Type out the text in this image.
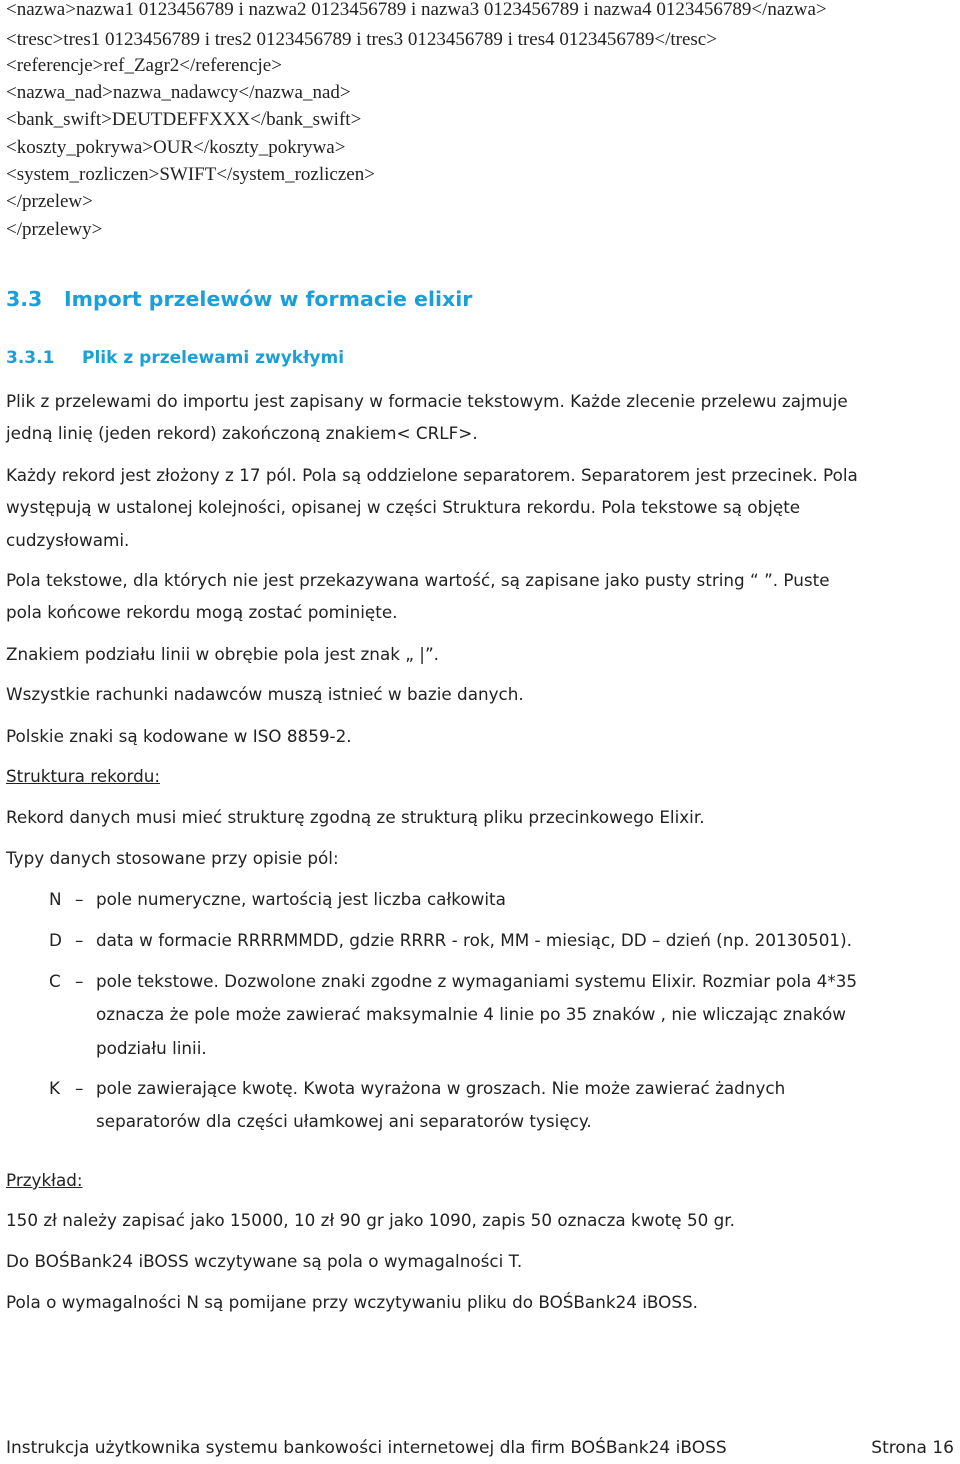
<nazwa>nazwa1 0123456789 i nazwa2 0123456789 i nazwa3 0123456789 i nazwa4 0123456789</nazwa>
<tresc>tres1 0123456789 i tres2 0123456789 i tres3 0123456789 i tres4 0123456789</tresc>
<referencje>ref_Zagr2</referencje>
<nazwa_nad>nazwa_nadawcy</nazwa_nad>
<bank_swift>DEUTDEFFXXX</bank_swift>
<koszty_pokrywa>OUR</koszty_pokrywa>
<system_rozliczen>SWIFT</system_rozliczen>
</przelew>
</przelewy>
3.3 Import przelewów w formacie elixir
3.3.1 Plik z przelewami zwykłymi
Plik z przelewami do importu jest zapisany w formacie tekstowym. Każde zlecenie przelewu zajmuje
jedną linię (jeden rekord) zakończoną znakiem< CRLF>.
Każdy rekord jest złożony z 17 pól. Pola są oddzielone separatorem. Separatorem jest przecinek. Pola
występują w ustalonej kolejności, opisanej w części Struktura rekordu. Pola tekstowe są objęte
cudzysłowami.
Pola tekstowe, dla których nie jest przekazywana wartość, są zapisane jako pusty string “ ”. Puste
pola końcowe rekordu mogą zostać pominięte.
Znakiem podziału linii w obrębie pola jest znak „ |”.
Wszystkie rachunki nadawców muszą istnieć w bazie danych.
Polskie znaki są kodowane w ISO 8859-2.
Struktura rekordu:
Rekord danych musi mieć strukturę zgodną ze strukturą pliku przecinkowego Elixir.
Typy danych stosowane przy opisie pól:
N – pole numeryczne, wartością jest liczba całkowita
D – data w formacie RRRRMMDD, gdzie RRRR - rok, MM - miesiąc, DD – dzień (np. 20130501).
C – pole tekstowe. Dozwolone znaki zgodne z wymaganiami systemu Elixir. Rozmiar pola 4*35
oznacza że pole może zawierać maksymalnie 4 linie po 35 znaków , nie wliczając znaków
podziału linii.
K – pole zawierające kwotę. Kwota wyrażona w groszach. Nie może zawierać żadnych
separatorów dla części ułamkowej ani separatorów tysięcy.
Przykład:
150 zł należy zapisać jako 15000, 10 zł 90 gr jako 1090, zapis 50 oznacza kwotę 50 gr.
Do BOŚBank24 iBOSS wczytywane są pola o wymagalności T.
Pola o wymagalności N są pomijane przy wczytywaniu pliku do BOŚBank24 iBOSS.
Instrukcja użytkownika systemu bankowości internetowej dla firm BOŚBank24 iBOSS	Strona 16
